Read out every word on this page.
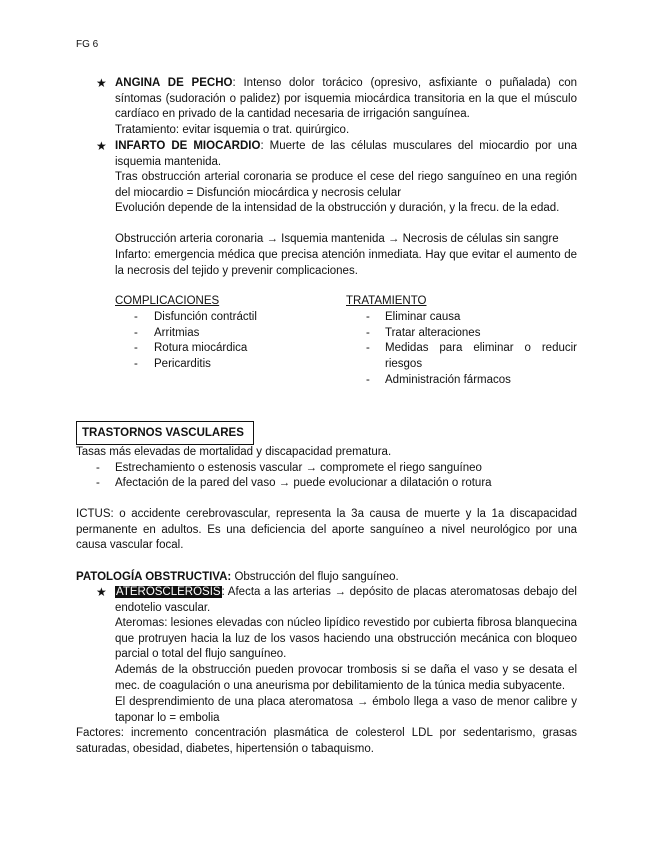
FG 6
★ ANGINA DE PECHO: Intenso dolor torácico (opresivo, asfixiante o puñalada) con síntomas (sudoración o palidez) por isquemia miocárdica transitoria en la que el músculo cardíaco en privado de la cantidad necesaria de irrigación sanguínea.
Tratamiento: evitar isquemia o trat. quirúrgico.
★ INFARTO DE MIOCARDIO: Muerte de las células musculares del miocardio por una isquemia mantenida.
Tras obstrucción arterial coronaria se produce el cese del riego sanguíneo en una región del miocardio = Disfunción miocárdica y necrosis celular
Evolución depende de la intensidad de la obstrucción y duración, y la frecu. de la edad.
Obstrucción arteria coronaria → Isquemia mantenida → Necrosis de células sin sangre
Infarto: emergencia médica que precisa atención inmediata. Hay que evitar el aumento de la necrosis del tejido y prevenir complicaciones.
COMPLICACIONES
- Disfunción contráctil
- Arritmias
- Rotura miocárdica
- Pericarditis
TRATAMIENTO
- Eliminar causa
- Tratar alteraciones
- Medidas para eliminar o reducir riesgos
- Administración fármacos
TRASTORNOS VASCULARES
Tasas más elevadas de mortalidad y discapacidad prematura.
- Estrechamiento o estenosis vascular → compromete el riego sanguíneo
- Afectación de la pared del vaso → puede evolucionar a dilatación o rotura
ICTUS: o accidente cerebrovascular, representa la 3a causa de muerte y la 1a discapacidad permanente en adultos. Es una deficiencia del aporte sanguíneo a nivel neurológico por una causa vascular focal.
PATOLOGÍA OBSTRUCTIVA: Obstrucción del flujo sanguíneo.
★ ATEROSCLEROSIS: Afecta a las arterias → depósito de placas ateromatosas debajo del endotelio vascular.
Ateromas: lesiones elevadas con núcleo lipídico revestido por cubierta fibrosa blanquecina que protruyen hacia la luz de los vasos haciendo una obstrucción mecánica con bloqueo parcial o total del flujo sanguíneo.
Además de la obstrucción pueden provocar trombosis si se daña el vaso y se desata el mec. de coagulación o una aneurisma por debilitamiento de la túnica media subyacente.
El desprendimiento de una placa ateromatosa → émbolo llega a vaso de menor calibre y taponar lo = embolia
Factores: incremento concentración plasmática de colesterol LDL por sedentarismo, grasas saturadas, obesidad, diabetes, hipertensión o tabaquismo.
